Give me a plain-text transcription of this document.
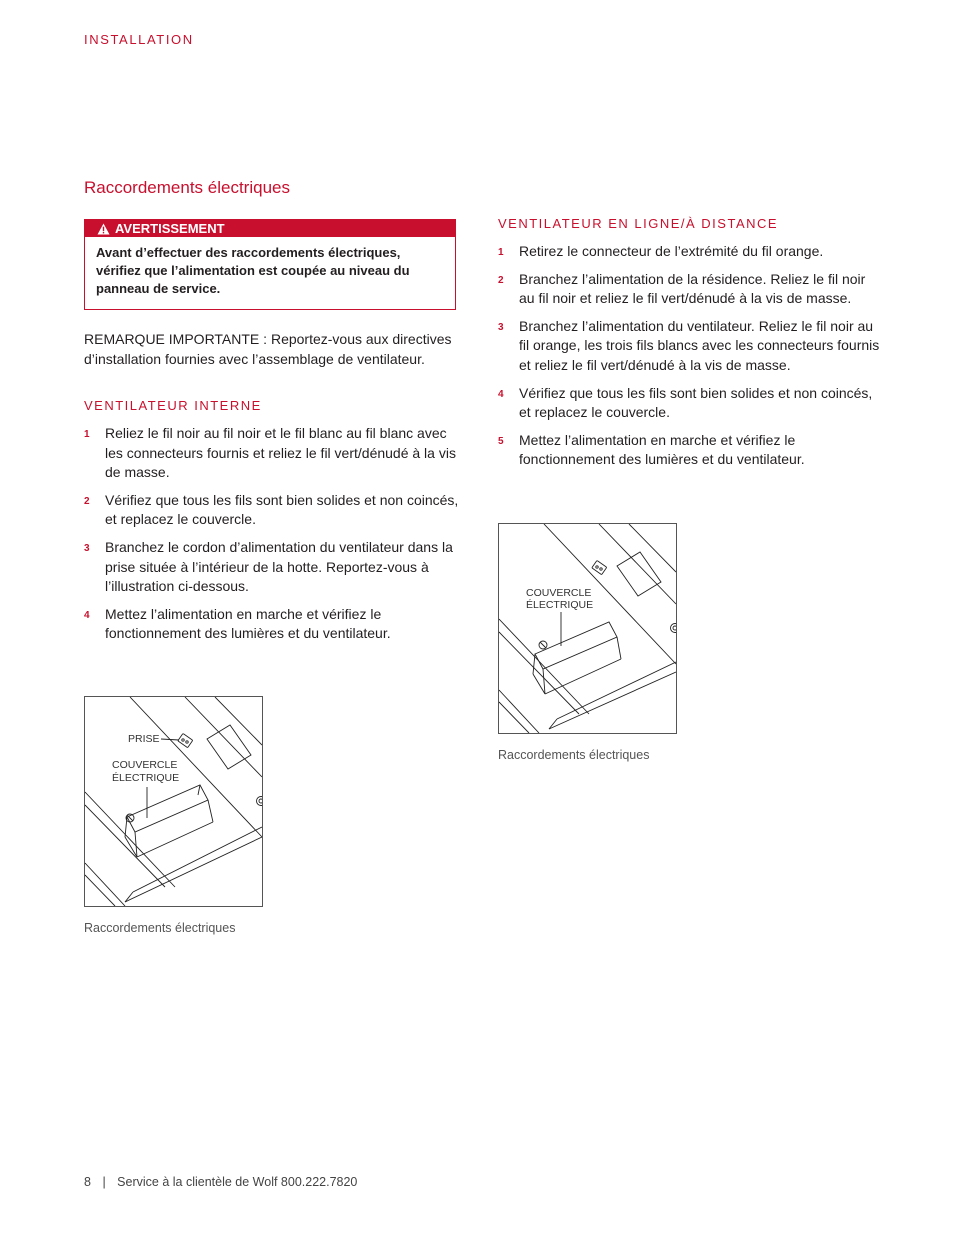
INSTALLATION
Raccordements électriques
AVERTISSEMENT
Avant d’effectuer des raccordements électriques, vérifiez que l’alimentation est coupée au niveau du panneau de service.
REMARQUE IMPORTANTE : Reportez-vous aux directives d’installation fournies avec l’assemblage de ventilateur.
VENTILATEUR INTERNE
1 Reliez le fil noir au fil noir et le fil blanc au fil blanc avec les connecteurs fournis et reliez le fil vert/dénudé à la vis de masse.
2 Vérifiez que tous les fils sont bien solides et non coincés, et replacez le couvercle.
3 Branchez le cordon d’alimentation du ventilateur dans la prise située à l’intérieur de la hotte. Reportez-vous à l’illustration ci-dessous.
4 Mettez l’alimentation en marche et vérifiez le fonctionnement des lumières et du ventilateur.
PRISE
COUVERCLE
ÉLECTRIQUE
Raccordements électriques
VENTILATEUR EN LIGNE/À DISTANCE
1 Retirez le connecteur de l’extrémité du fil orange.
2 Branchez l’alimentation de la résidence. Reliez le fil noir au fil noir et reliez le fil vert/dénudé à la vis de masse.
3 Branchez l’alimentation du ventilateur. Reliez le fil noir au fil orange, les trois fils blancs avec les connecteurs fournis et reliez le fil vert/dénudé à la vis de masse.
4 Vérifiez que tous les fils sont bien solides et non coincés, et replacez le couvercle.
5 Mettez l’alimentation en marche et vérifiez le fonctionnement des lumières et du ventilateur.
COUVERCLE
ÉLECTRIQUE
Raccordements électriques
8 | Service à la clientèle de Wolf 800.222.7820
